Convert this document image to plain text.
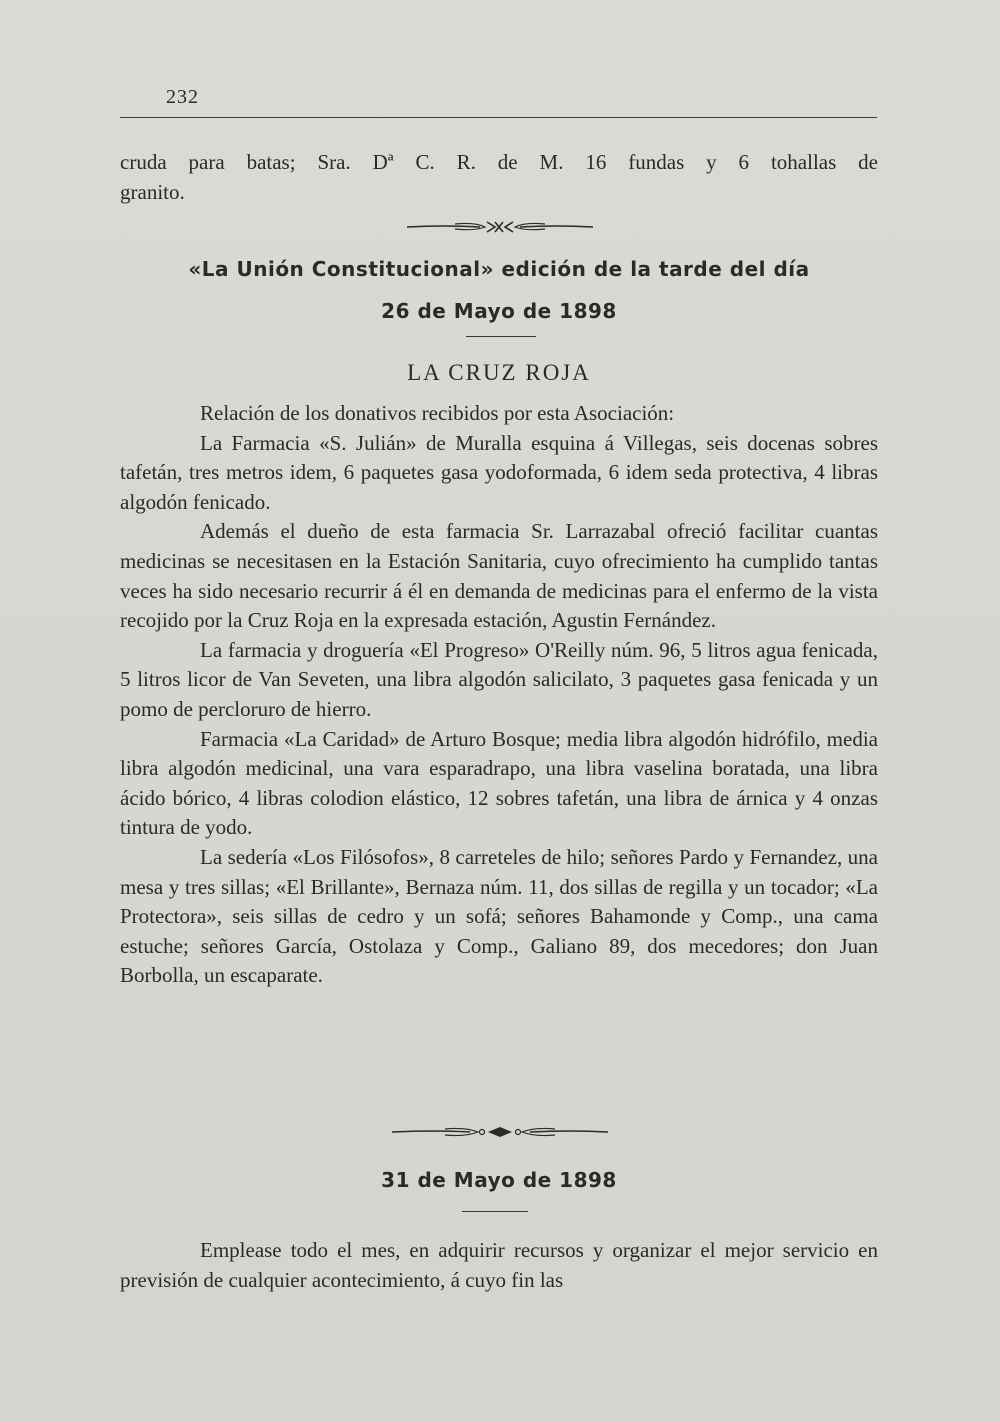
232

cruda para batas; Sra. Dª C. R. de M. 16 fundas y 6 tohallas de

granito.

«La Unión Constitucional» edición de la tarde del día
26 de Mayo de 1898
LA CRUZ ROJA

Relación de los donativos recibidos por esta Asociación:

La Farmacia «S. Julián» de Muralla esquina á Villegas, seis docenas sobres tafetán, tres metros idem, 6 paquetes gasa yodoformada, 6 idem seda protectiva, 4 libras algodón fenicado.

Además el dueño de esta farmacia Sr. Larrazabal ofreció facilitar cuantas medicinas se necesitasen en la Estación Sanitaria, cuyo ofrecimiento ha cumplido tantas veces ha sido necesario recurrir á él en demanda de medicinas para el enfermo de la vista recojido por la Cruz Roja en la expresada estación, Agustin Fernández.

La farmacia y droguería «El Progreso» O'Reilly núm. 96, 5 litros agua fenicada, 5 litros licor de Van Seveten, una libra algodón salicilato, 3 paquetes gasa fenicada y un pomo de percloruro de hierro.

Farmacia «La Caridad» de Arturo Bosque; media libra algodón hidrófilo, media libra algodón medicinal, una vara esparadrapo, una libra vaselina boratada, una libra ácido bórico, 4 libras colodion elástico, 12 sobres tafetán, una libra de árnica y 4 onzas tintura de yodo.

La sedería «Los Filósofos», 8 carreteles de hilo; señores Pardo y Fernandez, una mesa y tres sillas; «El Brillante», Bernaza núm. 11, dos sillas de regilla y un tocador; «La Protectora», seis sillas de cedro y un sofá; señores Bahamonde y Comp., una cama estuche; señores García, Ostolaza y Comp., Galiano 89, dos mecedores; don Juan Borbolla, un escaparate.

31 de Mayo de 1898

Emplease todo el mes, en adquirir recursos y organizar el mejor servicio en previsión de cualquier acontecimiento, á cuyo fin las
